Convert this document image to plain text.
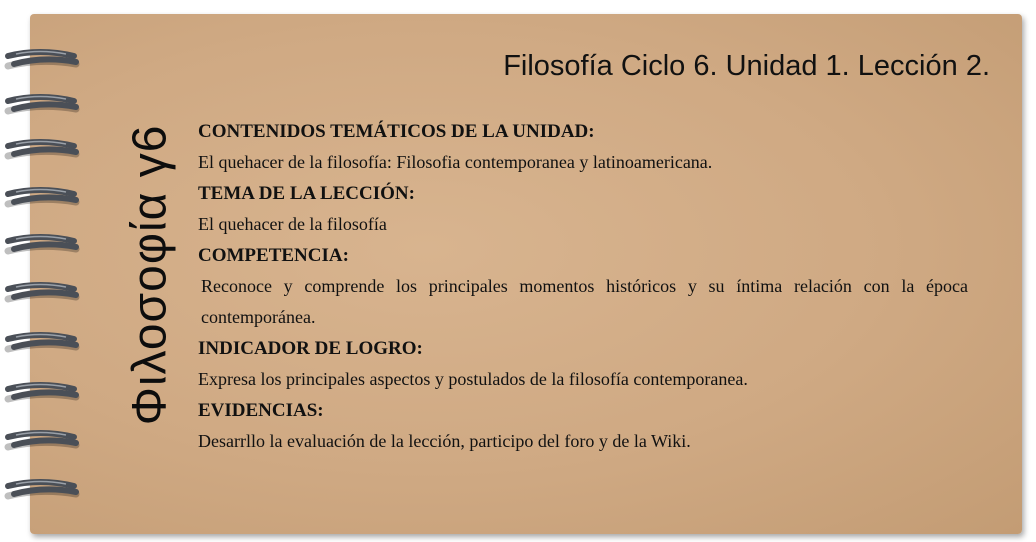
Φιλοσοφία γ6
Filosofía Ciclo 6. Unidad 1. Lección 2.
CONTENIDOS TEMÁTICOS DE LA UNIDAD:
El quehacer de la filosofía: Filosofia contemporanea y latinoamericana.
TEMA DE LA LECCIÓN:
El quehacer de la filosofía
COMPETENCIA:
Reconoce y comprende los principales momentos históricos y su íntima relación con la época contemporánea.
INDICADOR DE LOGRO:
Expresa los principales aspectos y postulados de la filosofía contemporanea.
EVIDENCIAS:
Desarrllo la evaluación de la lección, participo del foro y de la Wiki.
